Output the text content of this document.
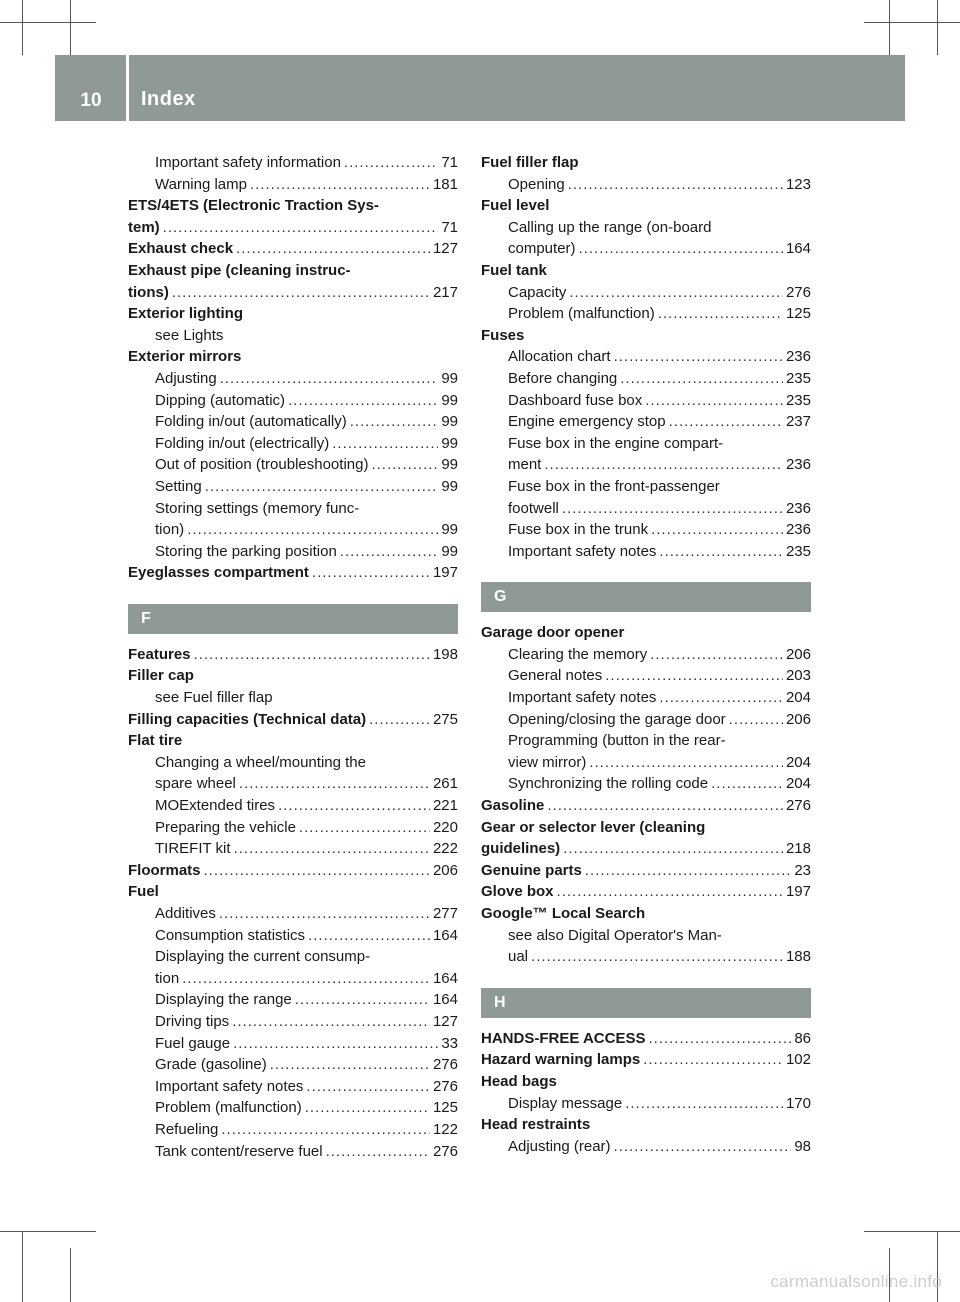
10	Index
Important safety information .....	71
Warning lamp .....	181
ETS/4ETS (Electronic Traction Sys-
tem) .....	71
Exhaust check .....	127
Exhaust pipe (cleaning instruc-
tions) .....	217
Exterior lighting
see Lights
Exterior mirrors
Adjusting .....	99
Dipping (automatic) .....	99
Folding in/out (automatically) .....	99
Folding in/out (electrically) .....	99
Out of position (troubleshooting) .....	99
Setting .....	99
Storing settings (memory func-
tion) .....	99
Storing the parking position .....	99
Eyeglasses compartment .....	197
F
Features .....	198
Filler cap
see Fuel filler flap
Filling capacities (Technical data) .....	275
Flat tire
Changing a wheel/mounting the
spare wheel .....	261
MOExtended tires .....	221
Preparing the vehicle .....	220
TIREFIT kit .....	222
Floormats .....	206
Fuel
Additives .....	277
Consumption statistics .....	164
Displaying the current consump-
tion .....	164
Displaying the range .....	164
Driving tips .....	127
Fuel gauge .....	33
Grade (gasoline) .....	276
Important safety notes .....	276
Problem (malfunction) .....	125
Refueling .....	122
Tank content/reserve fuel .....	276
Fuel filler flap
Opening .....	123
Fuel level
Calling up the range (on-board
computer) .....	164
Fuel tank
Capacity .....	276
Problem (malfunction) .....	125
Fuses
Allocation chart .....	236
Before changing .....	235
Dashboard fuse box .....	235
Engine emergency stop .....	237
Fuse box in the engine compart-
ment .....	236
Fuse box in the front-passenger
footwell .....	236
Fuse box in the trunk .....	236
Important safety notes .....	235
G
Garage door opener
Clearing the memory .....	206
General notes .....	203
Important safety notes .....	204
Opening/closing the garage door .....	206
Programming (button in the rear-
view mirror) .....	204
Synchronizing the rolling code .....	204
Gasoline .....	276
Gear or selector lever (cleaning
guidelines) .....	218
Genuine parts .....	23
Glove box .....	197
Google™ Local Search
see also Digital Operator's Man-
ual .....	188
H
HANDS-FREE ACCESS .....	86
Hazard warning lamps .....	102
Head bags
Display message .....	170
Head restraints
Adjusting (rear) .....	98
carmanualsonline.info
